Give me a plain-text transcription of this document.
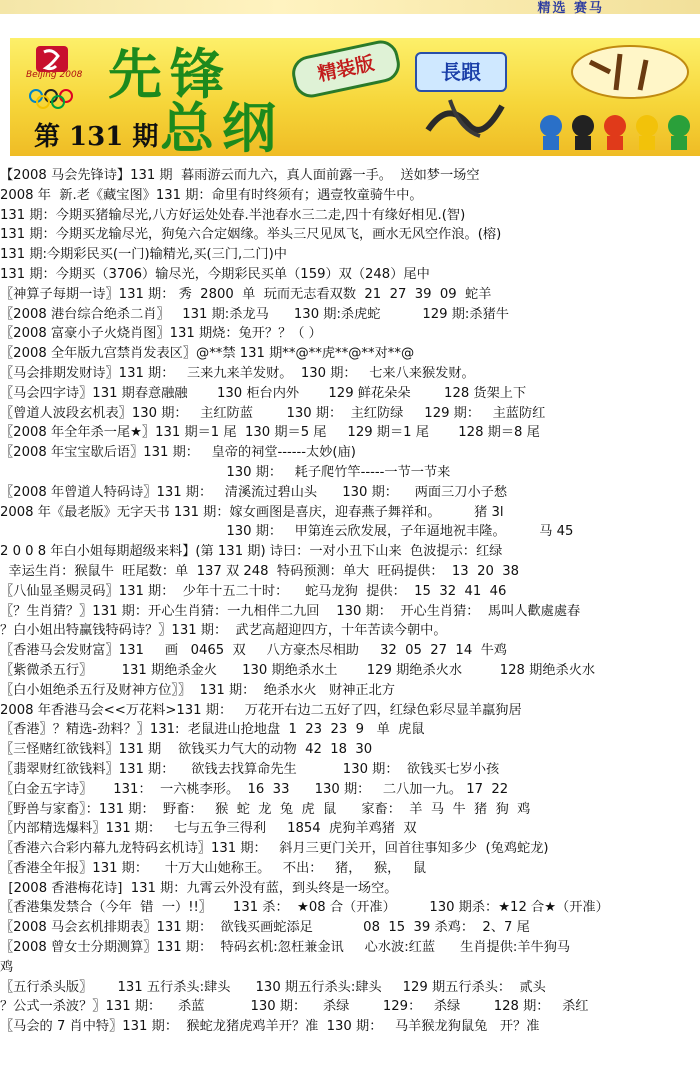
精选 赛马
Beijing 2008 先锋	精装版	長跟
总纲
第 131 期
【2008 马会先锋诗】131 期  暮雨游云而九六，真人面前露一手。  送如梦一场空
2008 年  新.老《藏宝图》131 期：命里有时终须有；遇壹牧童骑牛中。
131 期：今期买猪输尽光,八方好运处处春.半池春水三二走,四十有缘好相见.(智)
131 期：今期买龙输尽光，狗兔六合定姻缘。举头三尺见凤飞，画水无风空作浪。(榕)
131 期:今期彩民买(一门)输精光,买(三门,二门)中
131 期：今期买（3706）输尽光，今期彩民买单（159）双（248）尾中
〖神算子每期一诗〗131 期： 秀  2800  单  玩而无志看双数  21  27  39  09  蛇羊
〖2008 港台综合绝杀二肖〗   131 期:杀龙马      130 期:杀虎蛇          129 期:杀猪牛
〖2008 富豪小子火烧肖图〗131 期烧：兔开？？（ ）
〖2008 全年版九宫禁肖发表区〗@**禁 131 期**@**虎**@**对**@
〖马会排期发财诗〗131 期：   三来九来羊发财。  130 期：   七来八来猴发财。
〖马会四字诗〗131 期春意融融       130 柜台内外       129 鲜花朵朵        128 货架上下
〖曾道人波段玄机表〗130 期：   主红防蓝        130 期：  主红防绿     129 期：   主蓝防红
〖2008 年全年杀一尾★〗131 期＝1 尾  130 期＝5 尾     129 期＝1 尾       128 期＝8 尾
〖2008 年宝宝歇后语〗131 期：   皇帝的祠堂------太妙(庙)
130 期：   耗子爬竹竿-----一节一节来
〖2008 年曾道人特码诗〗131 期：   清溪流过碧山头      130 期：    两面三刀小子愁
2008 年《最老版》无字天书 131 期：嫁女画图是喜庆，迎春燕子舞祥和。        猪 3l
130 期：   甲第连云欣发展，子年逼地祝丰隆。        马 45
2 0 0 8 年白小姐每期超级来料】(第 131 期) 诗曰：一对小丑下山来  色波提示：红绿
幸运生肖：猴鼠牛  旺尾数：单  137 双 248  特码预测：单大  旺码提供：  13  20  38
〖八仙显圣赐灵码〗131 期：  少年十五二十时：    蛇马龙狗  提供：  15  32  41  46
〖？生肖猜？〗131 期：开心生肖猜：一九相伴二九回    130 期：  开心生肖猜：  馬叫人歡處處春
？白小姐出特赢钱特码诗？〗131 期：  武艺高超迎四方，十年苦读今朝中。
〖香港马会发财富〗131     画   0465  双     八方豪杰尽相助     32  05  27  14  牛鸡
〖紫微杀五行〗       131 期绝杀金火      130 期绝杀水土       129 期绝杀火水         128 期绝杀火水
〖白小姐绝杀五行及财神方位〗〗  131 期：  绝杀水火   财神正北方
2008 年香港马会<<万花料>131 期：   万花开右边二五好了四，红绿色彩尽显羊羸狗居
〖香港〗？精选-劲料？〗131:  老鼠进山抢地盘  1  23  23  9   单  虎鼠
〖三怪赌红欲钱料〗131 期    欲钱买力气大的动物  42  18  30
〖翡翠财红欲钱料〗131 期：    欲钱去找算命先生           130 期：  欲钱买七岁小孩
〖白金五字诗〗     131：  一六桃李形。  16  33      130 期：   二八加一九。 17  22
〖野兽与家畜〗：131 期：  野畜：   猴  蛇  龙  兔  虎  鼠      家畜：  羊  马  牛  猪  狗  鸡
〖内部精选爆料〗131 期：   七与五争三得利     1854  虎狗羊鸡猪  双
〖香港六合彩内幕九龙特码玄机诗〗131 期：   斜月三更门关开，回首往事知多少  (兔鸡蛇龙)
〖香港全年报〗131 期：    十万大山她称王。   不出：   猪，   猴，   鼠
[2008 香港梅花诗]  131 期：九霄云外没有蓝，到头终是一场空。
〖香港集发禁合（今年  错  一）!!〗     131 杀：  ★08 合（开准）        130 期杀：★12 合★（开准）
〖2008 马会玄机排期表〗131 期：  欲钱买画蛇添足            08  15  39 杀鸡：  2、7 尾
〖2008 曾女士分期测算〗131 期：  特码玄机:忽枉兼金讯     心水波:红蓝      生肖提供:羊牛狗马
鸡
〖五行杀头版〗      131 五行杀头:肆头      130 期五行杀头:肆头     129 期五行杀头：  贰头
？公式一杀波？〗131 期：    杀蓝           130 期：    杀绿        129：   杀绿        128 期：   杀红
〖马会的 7 肖中特〗131 期：  猴蛇龙猪虎鸡羊开？准  130 期：   马羊猴龙狗鼠兔   开？准
